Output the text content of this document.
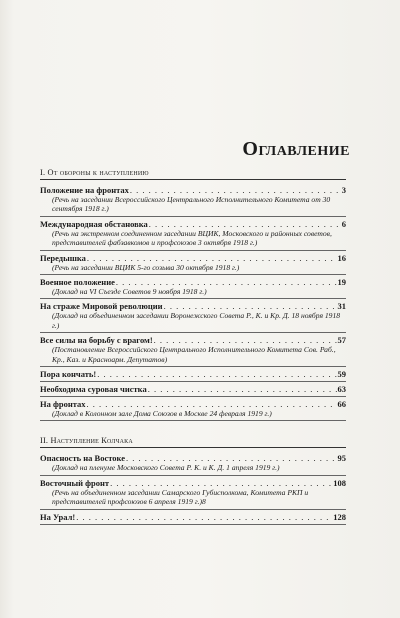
Оглавление
I. От обороны к наступлению
Положение на фронтах . . .	3
(Речь на заседании Всероссийского Центрального Исполнительного Комитета от 30 сентября 1918 г.)
Международная обстановка . . .	6
(Речь на экстренном соединенном заседании ВЦИК, Московского и районных советов, представителей фабзавкомов и профсоюзов 3 октября 1918 г.)
Передышка . . .	16
(Речь на заседании ВЦИК 5-го созыва 30 октября 1918 г.)
Военное положение . . .	19
(Доклад на VI Съезде Советов 9 ноября 1918 г.)
На страже Мировой революции . . .	31
(Доклад на объединенном заседании Воронежского Совета Р., К. и Кр. Д. 18 ноября 1918 г.)
Все силы на борьбу с врагом! . . .	57
(Постановление Всероссийского Центрального Исполнительного Комитета Сов. Раб., Кр., Каз. и Красноарм. Депутатов)
Пора кончать! . . .	59
Необходима суровая чистка . . .	63
На фронтах . . .	66
(Доклад в Колонном зале Дома Союзов в Москве 24 февраля 1919 г.)
II. Наступление Колчака
Опасность на Востоке . . .	95
(Доклад на пленуме Московского Совета Р. К. и К. Д. 1 апреля 1919 г.)
Восточный фронт . . .	108
(Речь на объединенном заседании Самарского Губисполкома, Комитета РКП и представителей профсоюзов 6 апреля 1919 г.)8
На Урал! . . .	128
